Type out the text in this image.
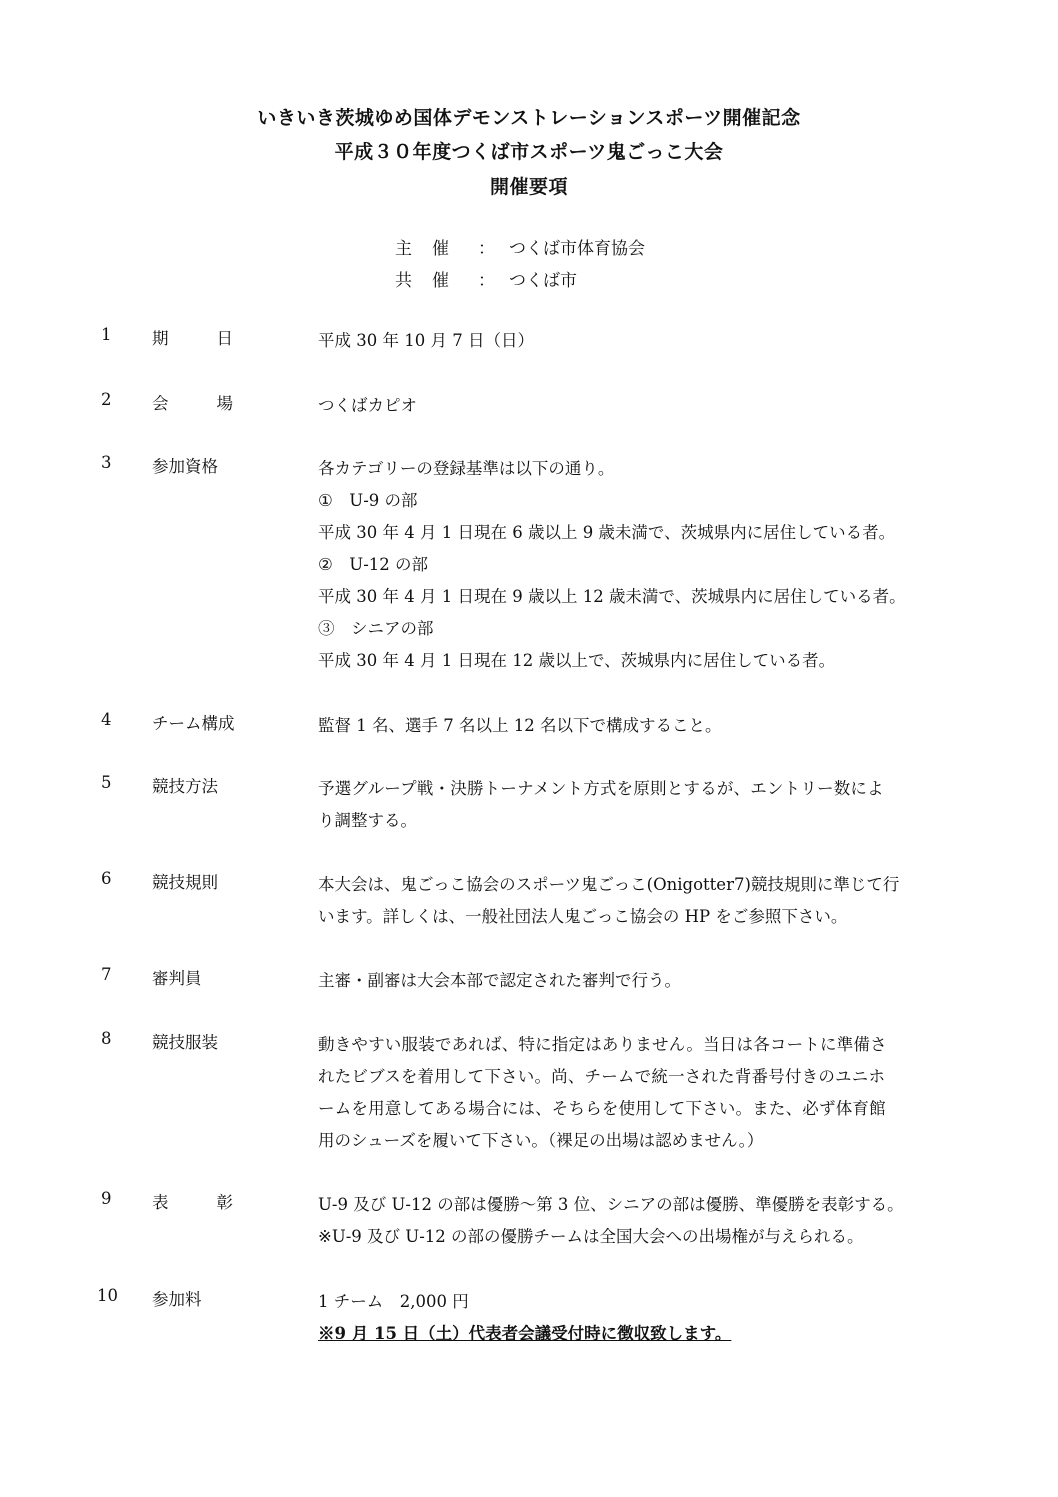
いきいき茨城ゆめ国体デモンストレーションスポーツ開催記念
平成３０年度つくば市スポーツ鬼ごっこ大会
開催要項
主催 ： つくば市体育協会
共催 ： つくば市
1 期日 平成 30 年 10 月 7 日（日）
2 会場 つくばカピオ
3 参加資格	各カテゴリーの登録基準は以下の通り。
①　U‑9 の部
平成 30 年 4 月 1 日現在 6 歳以上 9 歳未満で、茨城県内に居住している者。
②　U‑12 の部
平成 30 年 4 月 1 日現在 9 歳以上 12 歳未満で、茨城県内に居住している者。
③　シニアの部
平成 30 年 4 月 1 日現在 12 歳以上で、茨城県内に居住している者。
4 チーム構成	監督 1 名、選手 7 名以上 12 名以下で構成すること。
5 競技方法	予選グループ戦・決勝トーナメント方式を原則とするが、エントリー数によ
り調整する。
6 競技規則	本大会は、鬼ごっこ協会のスポーツ鬼ごっこ(Onigotter7)競技規則に準じて行
います。詳しくは、一般社団法人鬼ごっこ協会の HP をご参照下さい。
7 審判員	主審・副審は大会本部で認定された審判で行う。
8 競技服装	動きやすい服装であれば、特に指定はありません。当日は各コートに準備さ
れたビブスを着用して下さい。尚、チームで統一された背番号付きのユニホ
ームを用意してある場合には、そちらを使用して下さい。また、必ず体育館
用のシューズを履いて下さい。（裸足の出場は認めません。）
9 表彰 U‑9 及び U‑12 の部は優勝～第 3 位、シニアの部は優勝、準優勝を表彰する。
※U‑9 及び U‑12 の部の優勝チームは全国大会への出場権が与えられる。
10 参加料	1 チーム　2,000 円
※9 月 15 日（土）代表者会議受付時に徴収致します。
